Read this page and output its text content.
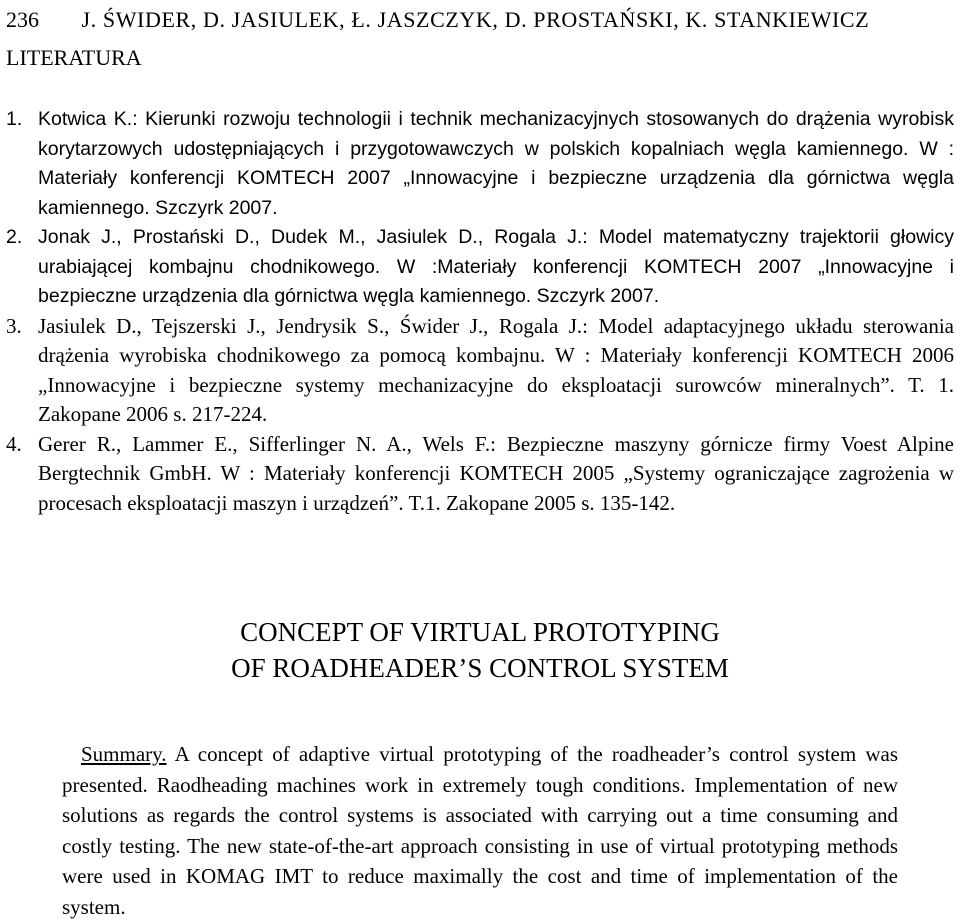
236 J. ŚWIDER, D. JASIULEK, Ł. JASZCZYK, D. PROSTAŃSKI, K. STANKIEWICZ
LITERATURA
1. Kotwica K.: Kierunki rozwoju technologii i technik mechanizacyjnych stosowanych do drążenia wyrobisk korytarzowych udostępniających i przygotowawczych w polskich kopalniach węgla kamiennego. W : Materiały konferencji KOMTECH 2007 „Innowacyjne i bezpieczne urządzenia dla górnictwa węgla kamiennego. Szczyrk 2007.
2. Jonak J., Prostański D., Dudek M., Jasiulek D., Rogala J.: Model matematyczny trajektorii głowicy urabiającej kombajnu chodnikowego. W :Materiały konferencji KOMTECH 2007 „Innowacyjne i bezpieczne urządzenia dla górnictwa węgla kamiennego. Szczyrk 2007.
3. Jasiulek D., Tejszerski J., Jendrysik S., Świder J., Rogala J.: Model adaptacyjnego układu sterowania drążenia wyrobiska chodnikowego za pomocą kombajnu. W : Materiały konferencji KOMTECH 2006 „Innowacyjne i bezpieczne systemy mechanizacyjne do eksploatacji surowców mineralnych”. T. 1. Zakopane 2006 s. 217-224.
4. Gerer R., Lammer E., Sifferlinger N. A., Wels F.: Bezpieczne maszyny górnicze firmy Voest Alpine Bergtechnik GmbH. W : Materiały konferencji KOMTECH 2005 „Systemy ograniczające zagrożenia w procesach eksploatacji maszyn i urządzeń”. T.1. Zakopane 2005 s. 135-142.
CONCEPT OF VIRTUAL PROTOTYPING
OF ROADHEADER’S CONTROL SYSTEM
Summary. A concept of adaptive virtual prototyping of the roadheader’s control system was presented. Raodheading machines work in extremely tough conditions. Implementation of new solutions as regards the control systems is associated with carrying out a time consuming and costly testing. The new state-of-the-art approach consisting in use of virtual prototyping methods were used in KOMAG IMT to reduce maximally the cost and time of implementation of the system.
